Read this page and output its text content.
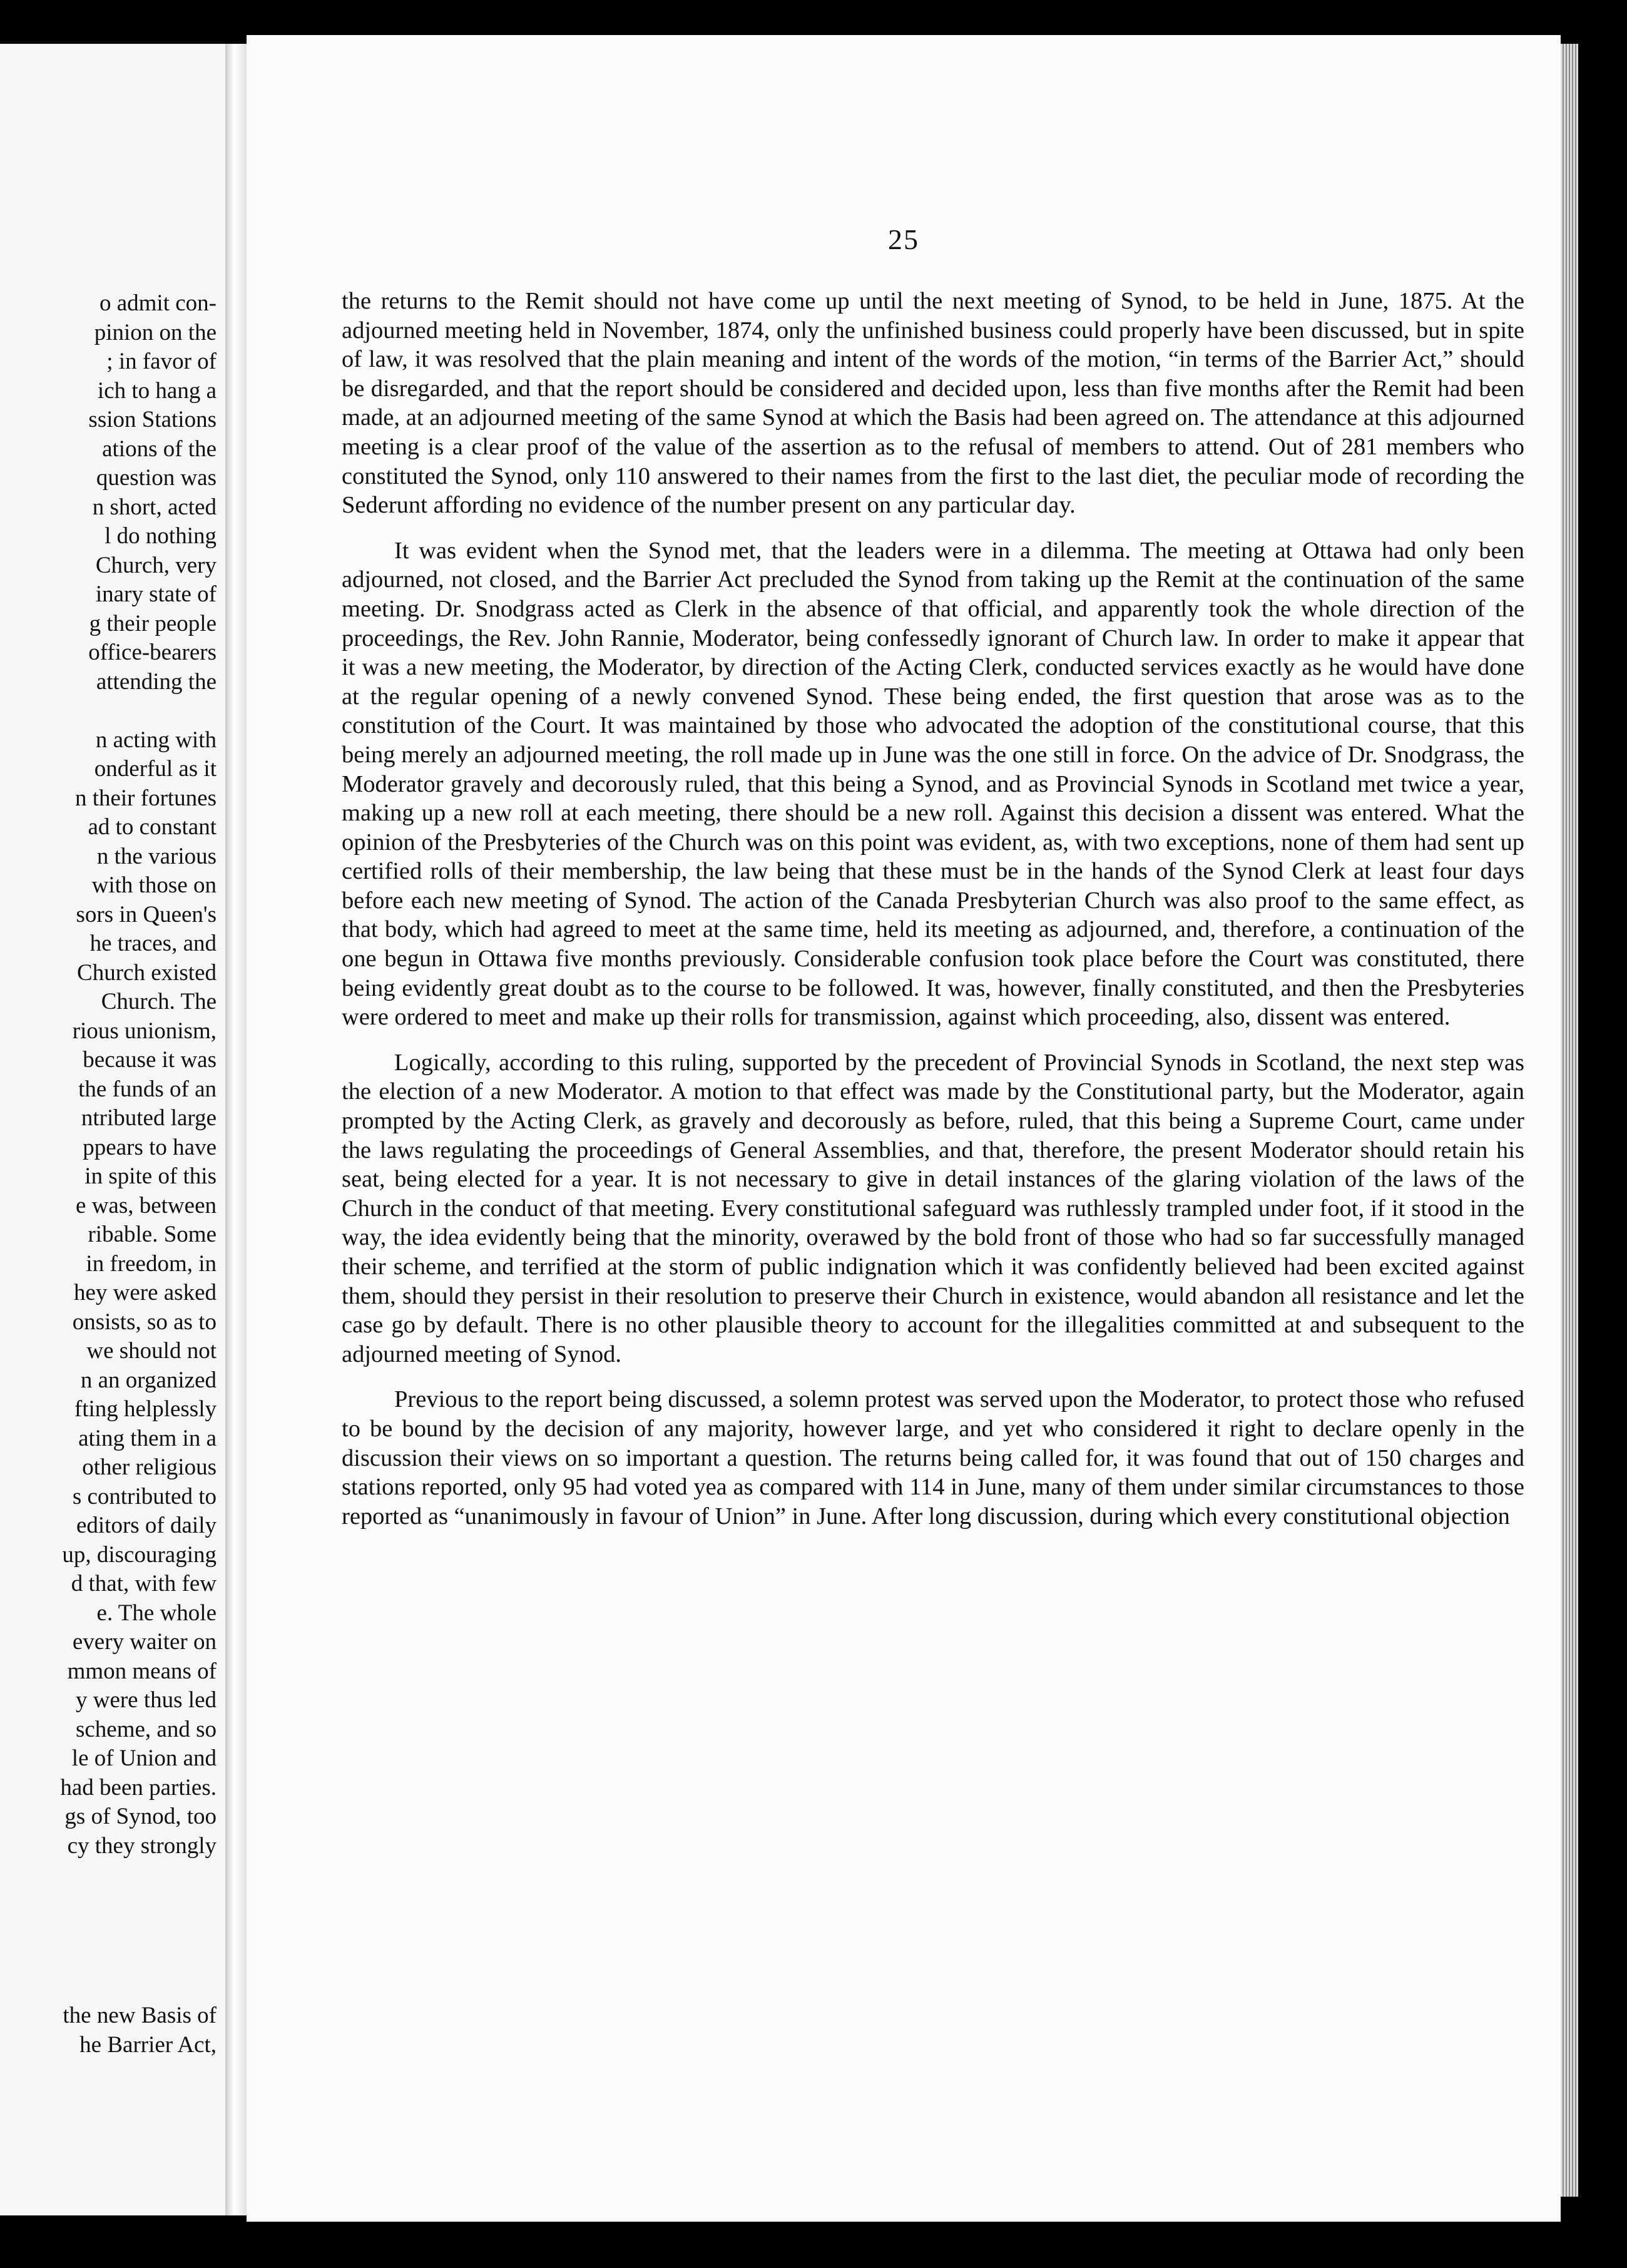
o admit con-
pinion on the
; in favor of
ich to hang a
ssion Stations
ations of the
question was
n short, acted
l do nothing
Church, very
inary state of
g their people
office-bearers
attending the

n acting with
onderful as it
n their fortunes
ad to constant
n the various
with those on
sors in Queen's
he traces, and
Church existed
Church. The
rious unionism,
because it was
the funds of an
ntributed large
ppears to have
in spite of this
e was, between
ribable. Some
in freedom, in
hey were asked
onsists, so as to
we should not
n an organized
fting helplessly
ating them in a
other religious
s contributed to
editors of daily
up, discouraging
d that, with few
e. The whole
every waiter on
mmon means of
y were thus led
scheme, and so
le of Union and
had been parties.
gs of Synod, too
cy they strongly
the new Basis of
he Barrier Act,
25

the returns to the Remit should not have come up until the next meeting of Synod, to be held in June, 1875. At the adjourned meeting held in November, 1874, only the unfinished business could properly have been discussed, but in spite of law, it was resolved that the plain meaning and intent of the words of the motion, “in terms of the Barrier Act,” should be disregarded, and that the report should be considered and decided upon, less than five months after the Remit had been made, at an adjourned meeting of the same Synod at which the Basis had been agreed on. The attendance at this adjourned meeting is a clear proof of the value of the assertion as to the refusal of members to attend. Out of 281 members who constituted the Synod, only 110 answered to their names from the first to the last diet, the peculiar mode of recording the Sederunt affording no evidence of the number present on any particular day.

It was evident when the Synod met, that the leaders were in a dilemma. The meeting at Ottawa had only been adjourned, not closed, and the Barrier Act precluded the Synod from taking up the Remit at the continuation of the same meeting. Dr. Snodgrass acted as Clerk in the absence of that official, and apparently took the whole direction of the proceedings, the Rev. John Rannie, Moderator, being confessedly ignorant of Church law. In order to make it appear that it was a new meeting, the Moderator, by direction of the Acting Clerk, conducted services exactly as he would have done at the regular opening of a newly convened Synod. These being ended, the first question that arose was as to the constitution of the Court. It was maintained by those who advocated the adoption of the constitutional course, that this being merely an adjourned meeting, the roll made up in June was the one still in force. On the advice of Dr. Snodgrass, the Moderator gravely and decorously ruled, that this being a Synod, and as Provincial Synods in Scotland met twice a year, making up a new roll at each meeting, there should be a new roll. Against this decision a dissent was entered. What the opinion of the Presbyteries of the Church was on this point was evident, as, with two exceptions, none of them had sent up certified rolls of their membership, the law being that these must be in the hands of the Synod Clerk at least four days before each new meeting of Synod. The action of the Canada Presbyterian Church was also proof to the same effect, as that body, which had agreed to meet at the same time, held its meeting as adjourned, and, therefore, a continuation of the one begun in Ottawa five months previously. Considerable confusion took place before the Court was constituted, there being evidently great doubt as to the course to be followed. It was, however, finally constituted, and then the Presbyteries were ordered to meet and make up their rolls for transmission, against which proceeding, also, dissent was entered.

Logically, according to this ruling, supported by the precedent of Provincial Synods in Scotland, the next step was the election of a new Moderator. A motion to that effect was made by the Constitutional party, but the Moderator, again prompted by the Acting Clerk, as gravely and decorously as before, ruled, that this being a Supreme Court, came under the laws regulating the proceedings of General Assemblies, and that, therefore, the present Moderator should retain his seat, being elected for a year. It is not necessary to give in detail instances of the glaring violation of the laws of the Church in the conduct of that meeting. Every constitutional safeguard was ruthlessly trampled under foot, if it stood in the way, the idea evidently being that the minority, overawed by the bold front of those who had so far successfully managed their scheme, and terrified at the storm of public indignation which it was confidently believed had been excited against them, should they persist in their resolution to preserve their Church in existence, would abandon all resistance and let the case go by default. There is no other plausible theory to account for the illegalities committed at and subsequent to the adjourned meeting of Synod.

Previous to the report being discussed, a solemn protest was served upon the Moderator, to protect those who refused to be bound by the decision of any majority, however large, and yet who considered it right to declare openly in the discussion their views on so important a question. The returns being called for, it was found that out of 150 charges and stations reported, only 95 had voted yea as compared with 114 in June, many of them under similar circumstances to those reported as “unanimously in favour of Union” in June. After long discussion, during which every constitutional objection
